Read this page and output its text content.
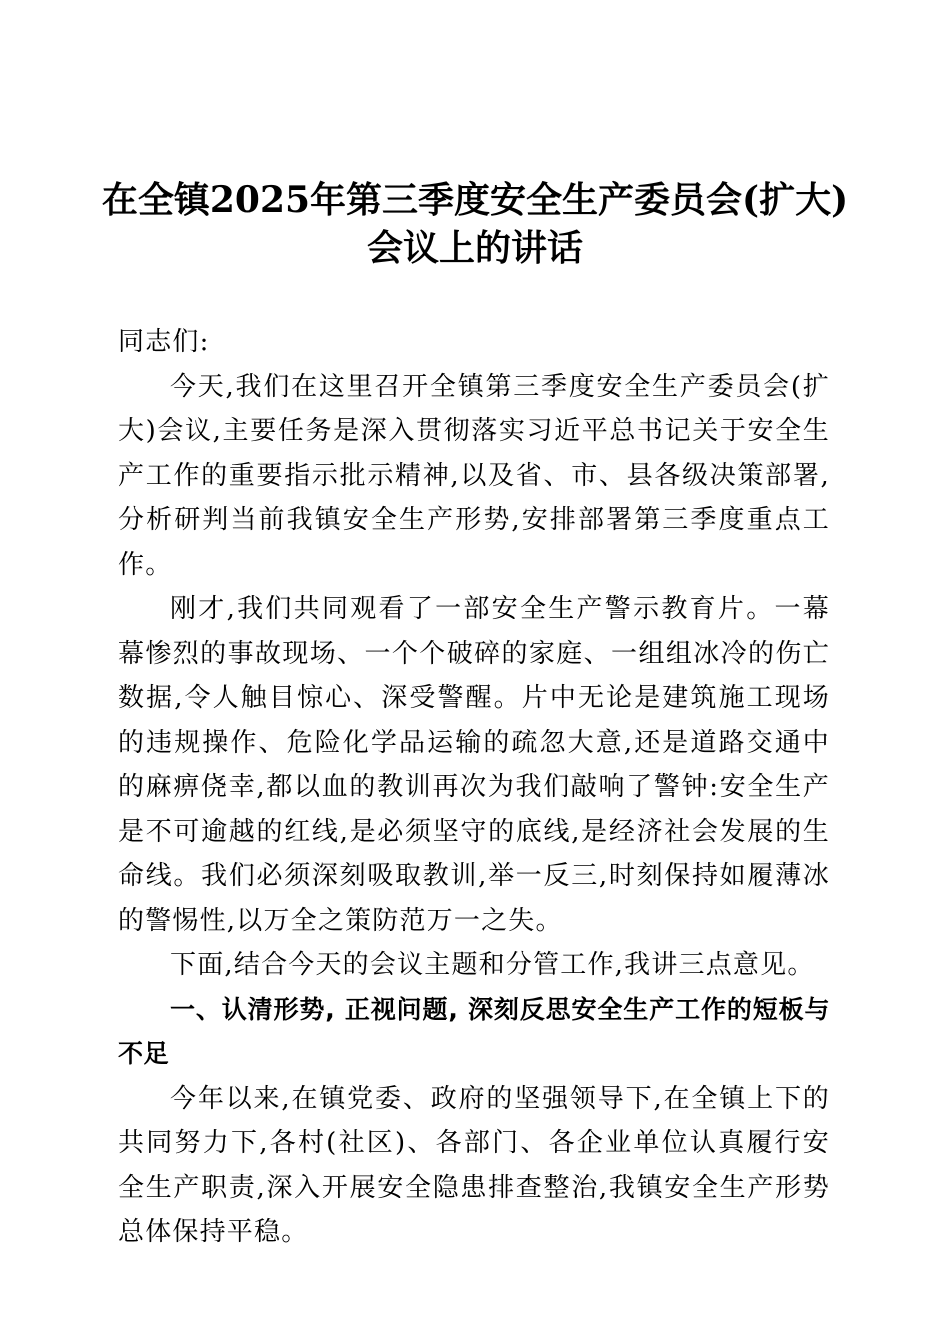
在全镇2025年第三季度安全生产委员会(扩大)
会议上的讲话

同志们:

今天,我们在这里召开全镇第三季度安全生产委员会(扩大)会议,主要任务是深入贯彻落实习近平总书记关于安全生产工作的重要指示批示精神,以及省、市、县各级决策部署,分析研判当前我镇安全生产形势,安排部署第三季度重点工作。

刚才,我们共同观看了一部安全生产警示教育片。一幕幕惨烈的事故现场、一个个破碎的家庭、一组组冰冷的伤亡数据,令人触目惊心、深受警醒。片中无论是建筑施工现场的违规操作、危险化学品运输的疏忽大意,还是道路交通中的麻痹侥幸,都以血的教训再次为我们敲响了警钟:安全生产是不可逾越的红线,是必须坚守的底线,是经济社会发展的生命线。我们必须深刻吸取教训,举一反三,时刻保持如履薄冰的警惕性,以万全之策防范万一之失。

下面,结合今天的会议主题和分管工作,我讲三点意见。

一、认清形势, 正视问题, 深刻反思安全生产工作的短板与不足

今年以来,在镇党委、政府的坚强领导下,在全镇上下的共同努力下,各村(社区)、各部门、各企业单位认真履行安全生产职责,深入开展安全隐患排查整治,我镇安全生产形势总体保持平稳。
